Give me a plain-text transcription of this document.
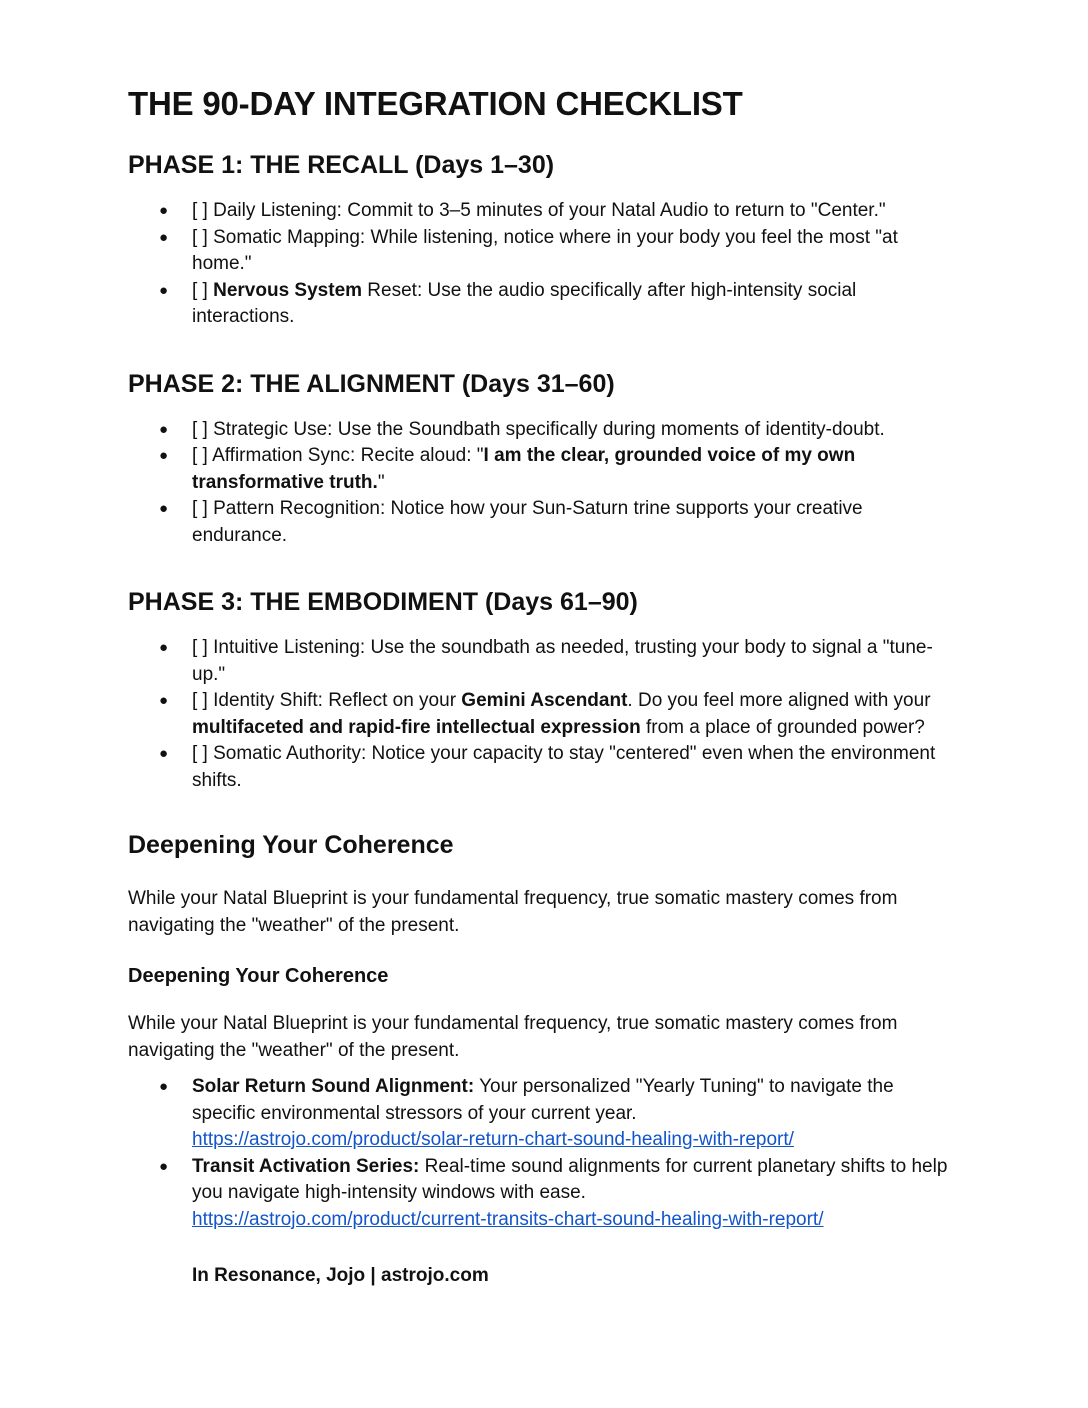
THE 90-DAY INTEGRATION CHECKLIST
PHASE 1: THE RECALL (Days 1–30)
● [ ] Daily Listening: Commit to 3–5 minutes of your Natal Audio to return to "Center."
● [ ] Somatic Mapping: While listening, notice where in your body you feel the most "at home."
● [ ] Nervous System Reset: Use the audio specifically after high-intensity social interactions.
PHASE 2: THE ALIGNMENT (Days 31–60)
● [ ] Strategic Use: Use the Soundbath specifically during moments of identity-doubt.
● [ ] Affirmation Sync: Recite aloud: "I am the clear, grounded voice of my own transformative truth."
● [ ] Pattern Recognition: Notice how your Sun-Saturn trine supports your creative endurance.
PHASE 3: THE EMBODIMENT (Days 61–90)
● [ ] Intuitive Listening: Use the soundbath as needed, trusting your body to signal a "tune-up."
● [ ] Identity Shift: Reflect on your Gemini Ascendant. Do you feel more aligned with your multifaceted and rapid-fire intellectual expression from a place of grounded power?
● [ ] Somatic Authority: Notice your capacity to stay "centered" even when the environment shifts.
Deepening Your Coherence

While your Natal Blueprint is your fundamental frequency, true somatic mastery comes from navigating the "weather" of the present.

Deepening Your Coherence

While your Natal Blueprint is your fundamental frequency, true somatic mastery comes from navigating the "weather" of the present.

● Solar Return Sound Alignment: Your personalized "Yearly Tuning" to navigate the specific environmental stressors of your current year.
https://astrojo.com/product/solar-return-chart-sound-healing-with-report/
● Transit Activation Series: Real-time sound alignments for current planetary shifts to help you navigate high-intensity windows with ease.
https://astrojo.com/product/current-transits-chart-sound-healing-with-report/
In Resonance, Jojo | astrojo.com
